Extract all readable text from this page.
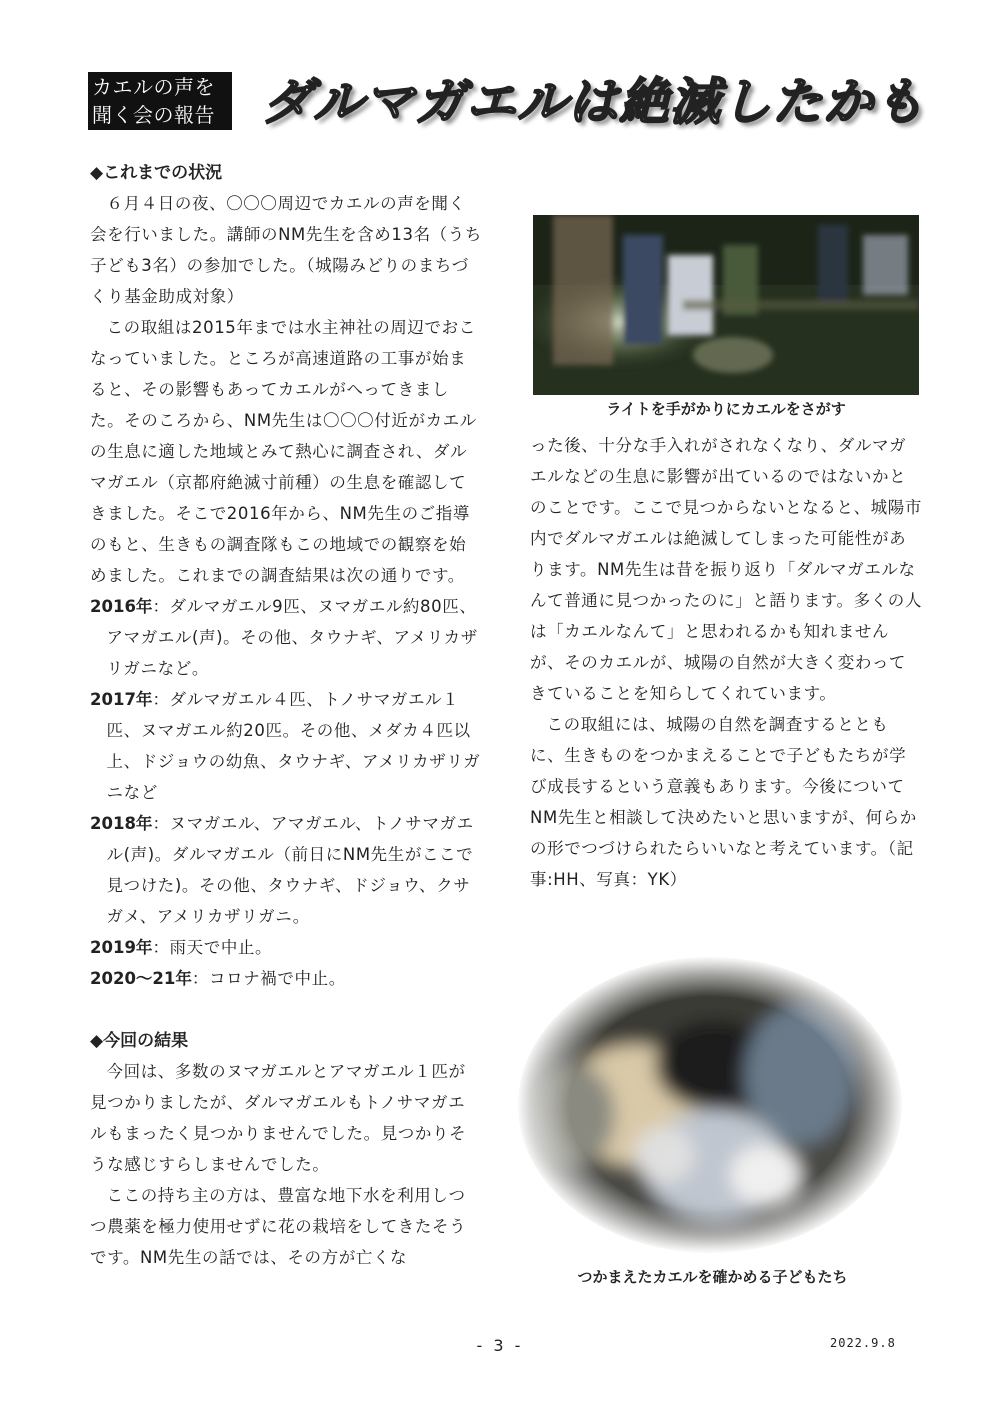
カエルの声を
聞く会の報告 ダルマガエルは絶滅したかも
◆これまでの状況

６月４日の夜、〇〇〇周辺でカエルの声を聞く会を行いました。講師のNM先生を含め13名（うち子ども3名）の参加でした。（城陽みどりのまちづくり基金助成対象）

この取組は2015年までは水主神社の周辺でおこなっていました。ところが高速道路の工事が始まると、その影響もあってカエルがへってきました。そのころから、NM先生は〇〇〇付近がカエルの生息に適した地域とみて熱心に調査され、ダルマガエル（京都府絶滅寸前種）の生息を確認してきました。そこで2016年から、NM先生のご指導のもと、生きもの調査隊もこの地域での観察を始めました。これまでの調査結果は次の通りです。

2016年：ダルマガエル9匹、ヌマガエル約80匹、アマガエル(声)。その他、タウナギ、アメリカザリガニなど。

2017年：ダルマガエル４匹、トノサマガエル１匹、ヌマガエル約20匹。その他、メダカ４匹以上、ドジョウの幼魚、タウナギ、アメリカザリガニなど

2018年：ヌマガエル、アマガエル、トノサマガエル(声)。ダルマガエル（前日にNM先生がここで見つけた)。その他、タウナギ、ドジョウ、クサガメ、アメリカザリガニ。

2019年：雨天で中止。

2020〜21年：コロナ禍で中止。

◆今回の結果

今回は、多数のヌマガエルとアマガエル１匹が見つかりましたが、ダルマガエルもトノサマガエルもまったく見つかりませんでした。見つかりそうな感じすらしませんでした。

ここの持ち主の方は、豊富な地下水を利用しつつ農薬を極力使用せずに花の栽培をしてきたそうです。NM先生の話では、その方が亡くな

ライトを手がかりにカエルをさがす

った後、十分な手入れがされなくなり、ダルマガエルなどの生息に影響が出ているのではないかとのことです。ここで見つからないとなると、城陽市内でダルマガエルは絶滅してしまった可能性があります。NM先生は昔を振り返り「ダルマガエルなんて普通に見つかったのに」と語ります。多くの人は「カエルなんて」と思われるかも知れませんが、そのカエルが、城陽の自然が大きく変わってきていることを知らしてくれています。

この取組には、城陽の自然を調査するとともに、生きものをつかまえることで子どもたちが学び成長するという意義もあります。今後についてNM先生と相談して決めたいと思いますが、何らかの形でつづけられたらいいなと考えています。（記事:HH、写真：YK）

つかまえたカエルを確かめる子どもたち
- 3 -	2022.9.8
